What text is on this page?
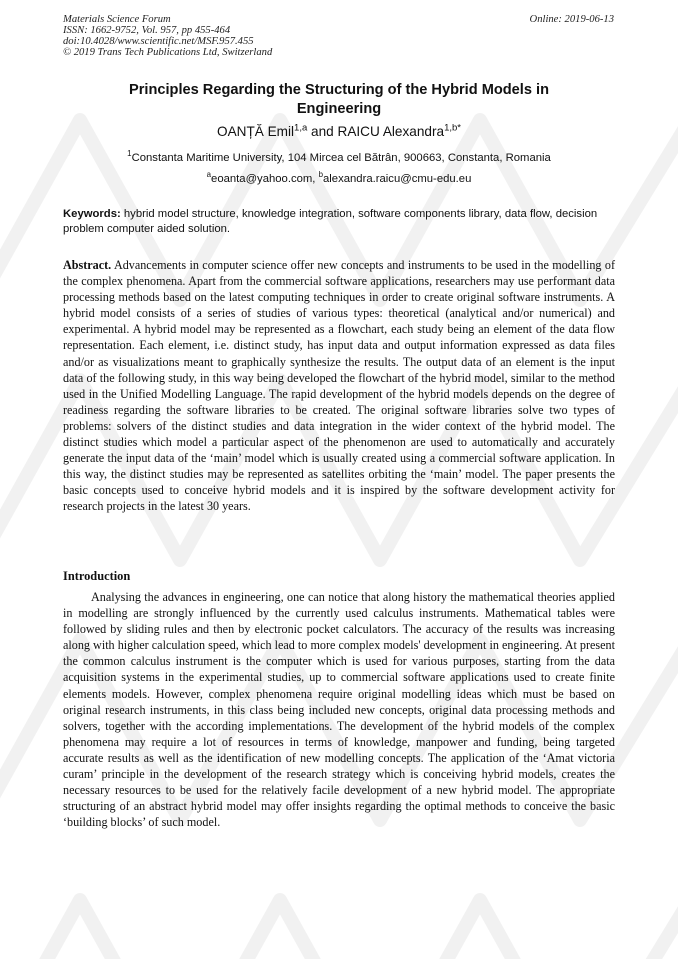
Materials Science Forum
ISSN: 1662-9752, Vol. 957, pp 455-464
doi:10.4028/www.scientific.net/MSF.957.455
© 2019 Trans Tech Publications Ltd, Switzerland
Online: 2019-06-13
Principles Regarding the Structuring of the Hybrid Models in Engineering
OANȚĂ Emil$^{1,a}$ and RAICU Alexandra$^{1,b*}$
$^1$Constanta Maritime University, 104 Mircea cel Bătrân, 900663, Constanta, Romania
$^a$eoanta@yahoo.com, $^b$alexandra.raicu@cmu-edu.eu
Keywords: hybrid model structure, knowledge integration, software components library, data flow, decision problem computer aided solution.
Abstract. Advancements in computer science offer new concepts and instruments to be used in the modelling of the complex phenomena. Apart from the commercial software applications, researchers may use performant data processing methods based on the latest computing techniques in order to create original software instruments. A hybrid model consists of a series of studies of various types: theoretical (analytical and/or numerical) and experimental. A hybrid model may be represented as a flowchart, each study being an element of the data flow representation. Each element, i.e. distinct study, has input data and output information expressed as data files and/or as visualizations meant to graphically synthesize the results. The output data of an element is the input data of the following study, in this way being developed the flowchart of the hybrid model, similar to the method used in the Unified Modelling Language. The rapid development of the hybrid models depends on the degree of readiness regarding the software libraries to be created. The original software libraries solve two types of problems: solvers of the distinct studies and data integration in the wider context of the hybrid model. The distinct studies which model a particular aspect of the phenomenon are used to automatically and accurately generate the input data of the ‘main’ model which is usually created using a commercial software application. In this way, the distinct studies may be represented as satellites orbiting the ‘main’ model. The paper presents the basic concepts used to conceive hybrid models and it is inspired by the software development activity for research projects in the latest 30 years.
Introduction
Analysing the advances in engineering, one can notice that along history the mathematical theories applied in modelling are strongly influenced by the currently used calculus instruments. Mathematical tables were followed by sliding rules and then by electronic pocket calculators. The accuracy of the results was increasing along with higher calculation speed, which lead to more complex models' development in engineering. At present the common calculus instrument is the computer which is used for various purposes, starting from the data acquisition systems in the experimental studies, up to commercial software applications used to create finite elements models. However, complex phenomena require original modelling ideas which must be based on original research instruments, in this class being included new concepts, original data processing methods and solvers, together with the according implementations. The development of the hybrid models of the complex phenomena may require a lot of resources in terms of knowledge, manpower and funding, being targeted accurate results as well as the identification of new modelling concepts. The application of the ‘Amat victoria curam’ principle in the development of the research strategy which is conceiving hybrid models, creates the necessary resources to be used for the relatively facile development of a new hybrid model. The appropriate structuring of an abstract hybrid model may offer insights regarding the optimal methods to conceive the basic ‘building blocks’ of such model.
